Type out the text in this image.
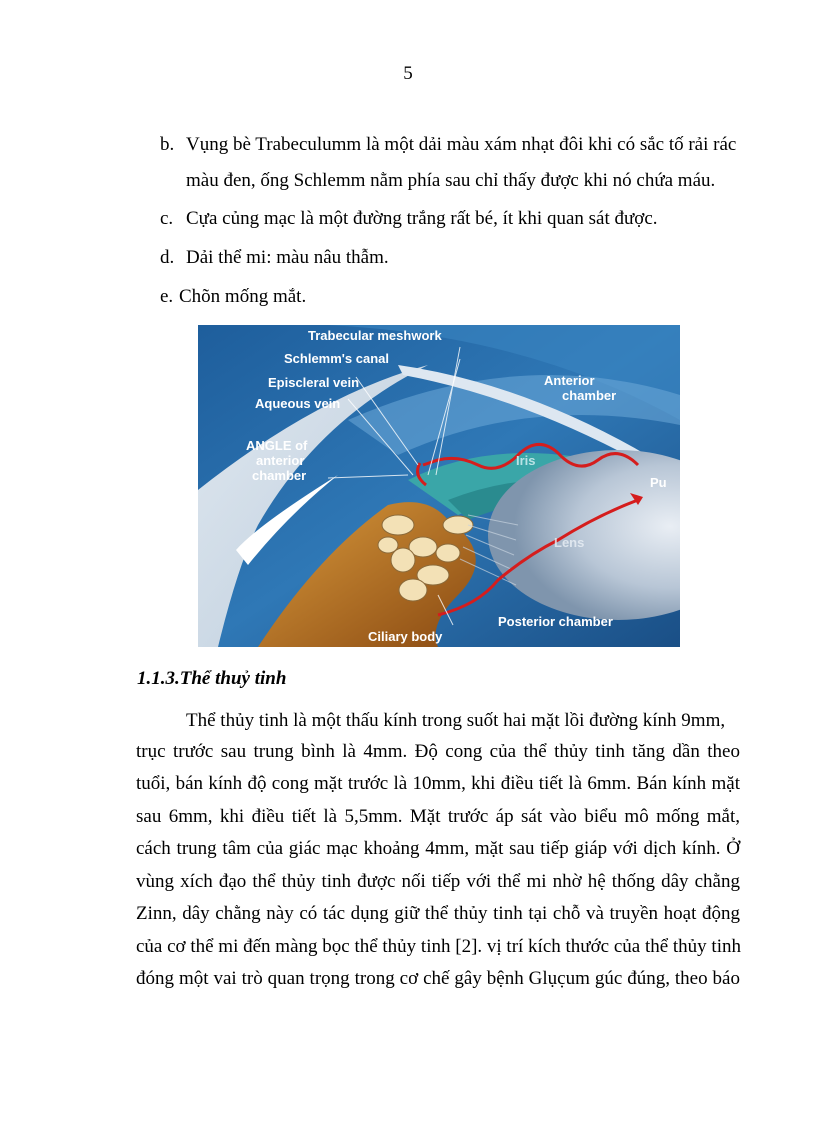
5
b. Vụng bè Trabeculumm là một dải màu xám nhạt đôi khi có sắc tố rải rác
màu đen, ống Schlemm nằm phía sau chỉ thấy được khi nó chứa máu.
c. Cựa củng mạc là một đường trắng rất bé, ít khi quan sát được.
d. Dải thể mi: màu nâu thẫm.
e. Chõn mống mắt.
Trabecular meshwork
Schlemm's canal
Episcleral vein
Aqueous vein
ANGLE of
anterior
chamber
Anterior
chamber
Iris
Pu
Lens
Posterior chamber
Ciliary body
1.1.3.Thể thuỷ tinh
Thể thủy tinh là một thấu kính trong suốt hai mặt lồi đường kính 9mm,
trục trước sau trung bình là 4mm. Độ cong của thể thủy tinh tăng dần theo
tuổi, bán kính độ cong mặt trước là 10mm, khi điều tiết là 6mm. Bán kính mặt
sau 6mm, khi điều tiết là 5,5mm. Mặt trước áp sát vào biểu mô mống mắt,
cách trung tâm của giác mạc khoảng 4mm, mặt sau tiếp giáp với dịch kính. Ở
vùng xích đạo thể thủy tinh được nối tiếp với thể mi nhờ hệ thống dây chằng
Zinn, dây chằng này có tác dụng giữ thể thủy tinh tại chỗ và truyền hoạt động
của cơ thể mi đến màng bọc thể thủy tinh [2]. vị trí kích thước của thể thủy tinh
đóng một vai trò quan trọng trong cơ chế gây bệnh Glục̣um gúc đúng, theo báo
